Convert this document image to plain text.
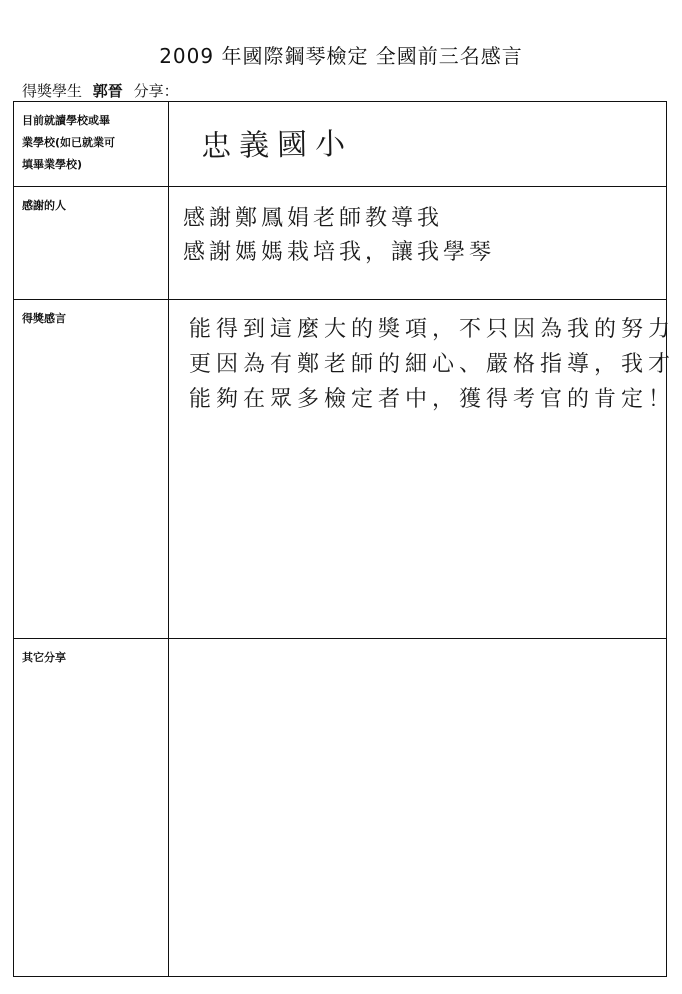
2009 年國際鋼琴檢定 全國前三名感言
得獎學生 郭晉 分享：
目前就讀學校或畢
業學校(如已就業可
填畢業學校)
忠義國小
感謝的人
感謝鄭鳳娟老師教導我
感謝媽媽栽培我，讓我學琴
得獎感言	能得到這麼大的獎項，不只因為我的努力
更因為有鄭老師的細心、嚴格指導，我才
能夠在眾多檢定者中，獲得考官的肯定！
其它分享
